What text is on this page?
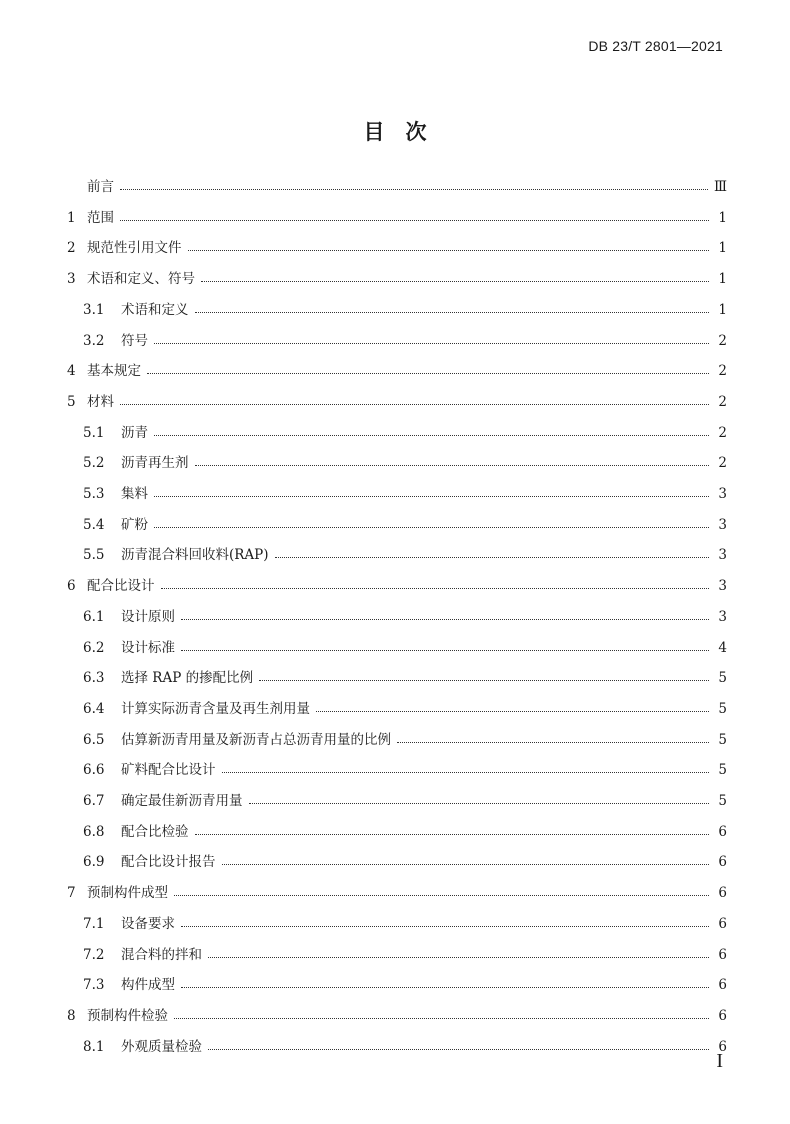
DB 23/T 2801—2021
目　次
前言	Ⅲ
1 范围	1
2 规范性引用文件	1
3 术语和定义、符号	1
3.1 术语和定义	1
3.2 符号	2
4 基本规定	2
5 材料	2
5.1 沥青	2
5.2 沥青再生剂	2
5.3 集料	3
5.4 矿粉	3
5.5 沥青混合料回收料(RAP)	3
6 配合比设计	3
6.1 设计原则	3
6.2 设计标准	4
6.3 选择 RAP 的掺配比例	5
6.4 计算实际沥青含量及再生剂用量	5
6.5 估算新沥青用量及新沥青占总沥青用量的比例	5
6.6 矿料配合比设计	5
6.7 确定最佳新沥青用量	5
6.8 配合比检验	6
6.9 配合比设计报告	6
7 预制构件成型	6
7.1 设备要求	6
7.2 混合料的拌和	6
7.3 构件成型	6
8 预制构件检验	6
8.1 外观质量检验	6
I
